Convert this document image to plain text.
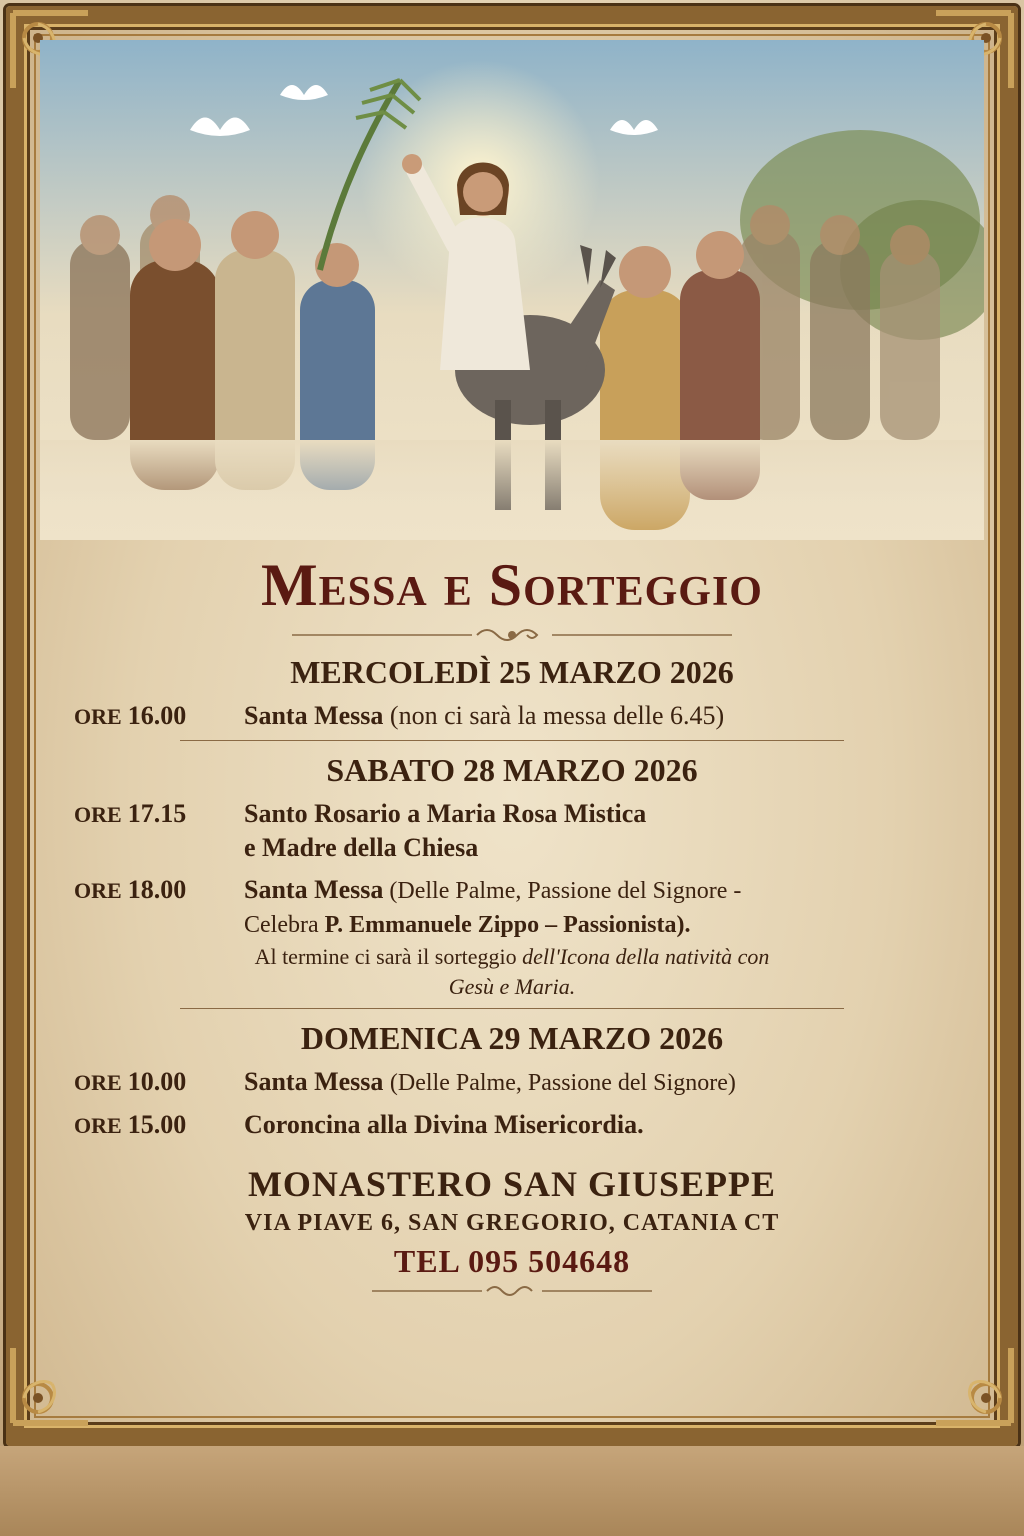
Messa e Sorteggio
MERCOLEDÌ 25 MARZO 2026
ORE 16.00	Santa Messa (non ci sarà la messa delle 6.45)
SABATO 28 MARZO 2026
ORE 17.15	Santo Rosario a Maria Rosa Mistica
e Madre della Chiesa
ORE 18.00	Santa Messa (Delle Palme, Passione del Signore -
Celebra P. Emmanuele Zippo – Passionista).
Al termine ci sarà il sorteggio dell'Icona della natività con
Gesù e Maria.
DOMENICA 29 MARZO 2026
ORE 10.00	Santa Messa (Delle Palme, Passione del Signore)
ORE 15.00	Coroncina alla Divina Misericordia.
MONASTERO SAN GIUSEPPE
VIA PIAVE 6, SAN GREGORIO, CATANIA CT
TEL 095 504648
